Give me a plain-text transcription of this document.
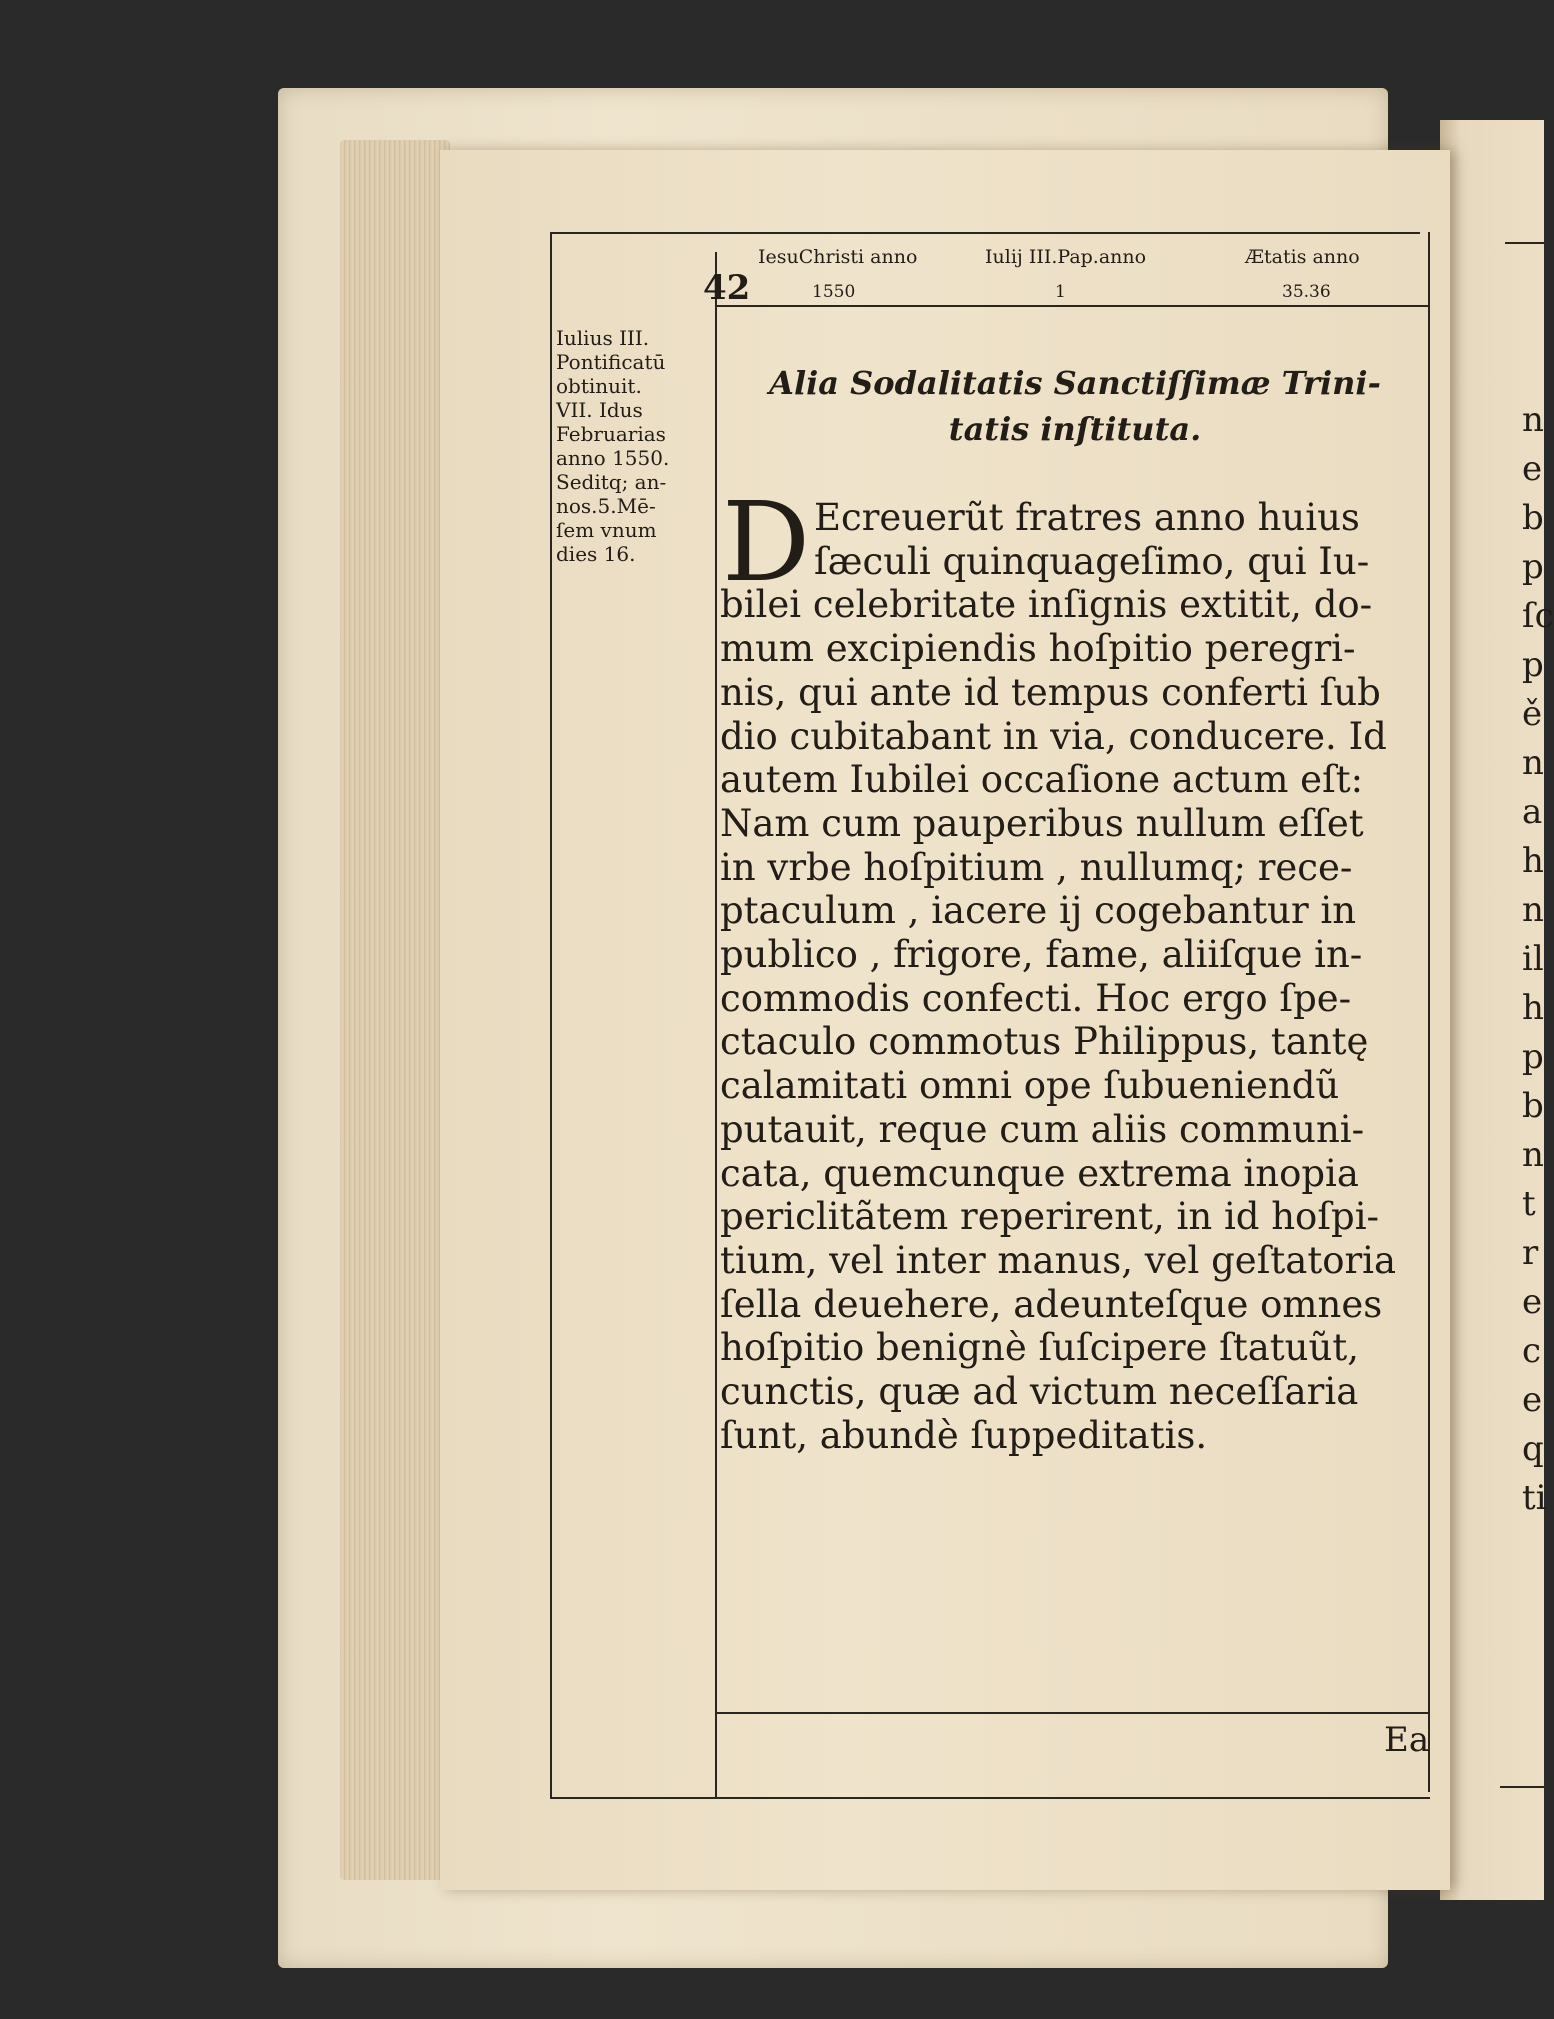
42
IesuChristi anno	Iulij III.Pap.anno	Ætatis anno
1550	1	35.36
Iulius III.
Pontificatū
obtinuit.
VII. Idus
Februarias
anno 1550.
Seditq; an-
nos.5.Mē-
ſem vnum
dies 16.
Alia Sodalitatis Sanctiſſimæ Trini-
tatis inſtituta.
D Ecreuerũt fratres anno huius
ſæculi quinquageſimo, qui Iu-
bilei celebritate inſignis extitit, do-
mum excipiendis hoſpitio peregri-
nis, qui ante id tempus conferti ſub
dio cubitabant in via, conducere. Id
autem Iubilei occaſione actum eſt:
Nam cum pauperibus nullum eſſet
in vrbe hoſpitium , nullumq; rece-
ptaculum , iacere ij cogebantur in
publico , frigore, fame, aliiſque in-
commodis confecti. Hoc ergo ſpe-
ctaculo commotus Philippus, tantę
calamitati omni ope ſubueniendũ
putauit, reque cum aliis communi-
cata, quemcunque extrema inopia
periclitãtem reperirent, in id hoſpi-
tium, vel inter manus, vel geſtatoria
ſella deuehere, adeunteſque omnes
hoſpitio benignè ſuſcipere ſtatuũt,
cunctis, quæ ad victum neceſſaria
ſunt, abundè ſuppeditatis.
Ea
n
e
b
p
ſc
p
ě
n
a
h
n
il
h
p
b
n
t
r
e
c
e
q
ti
